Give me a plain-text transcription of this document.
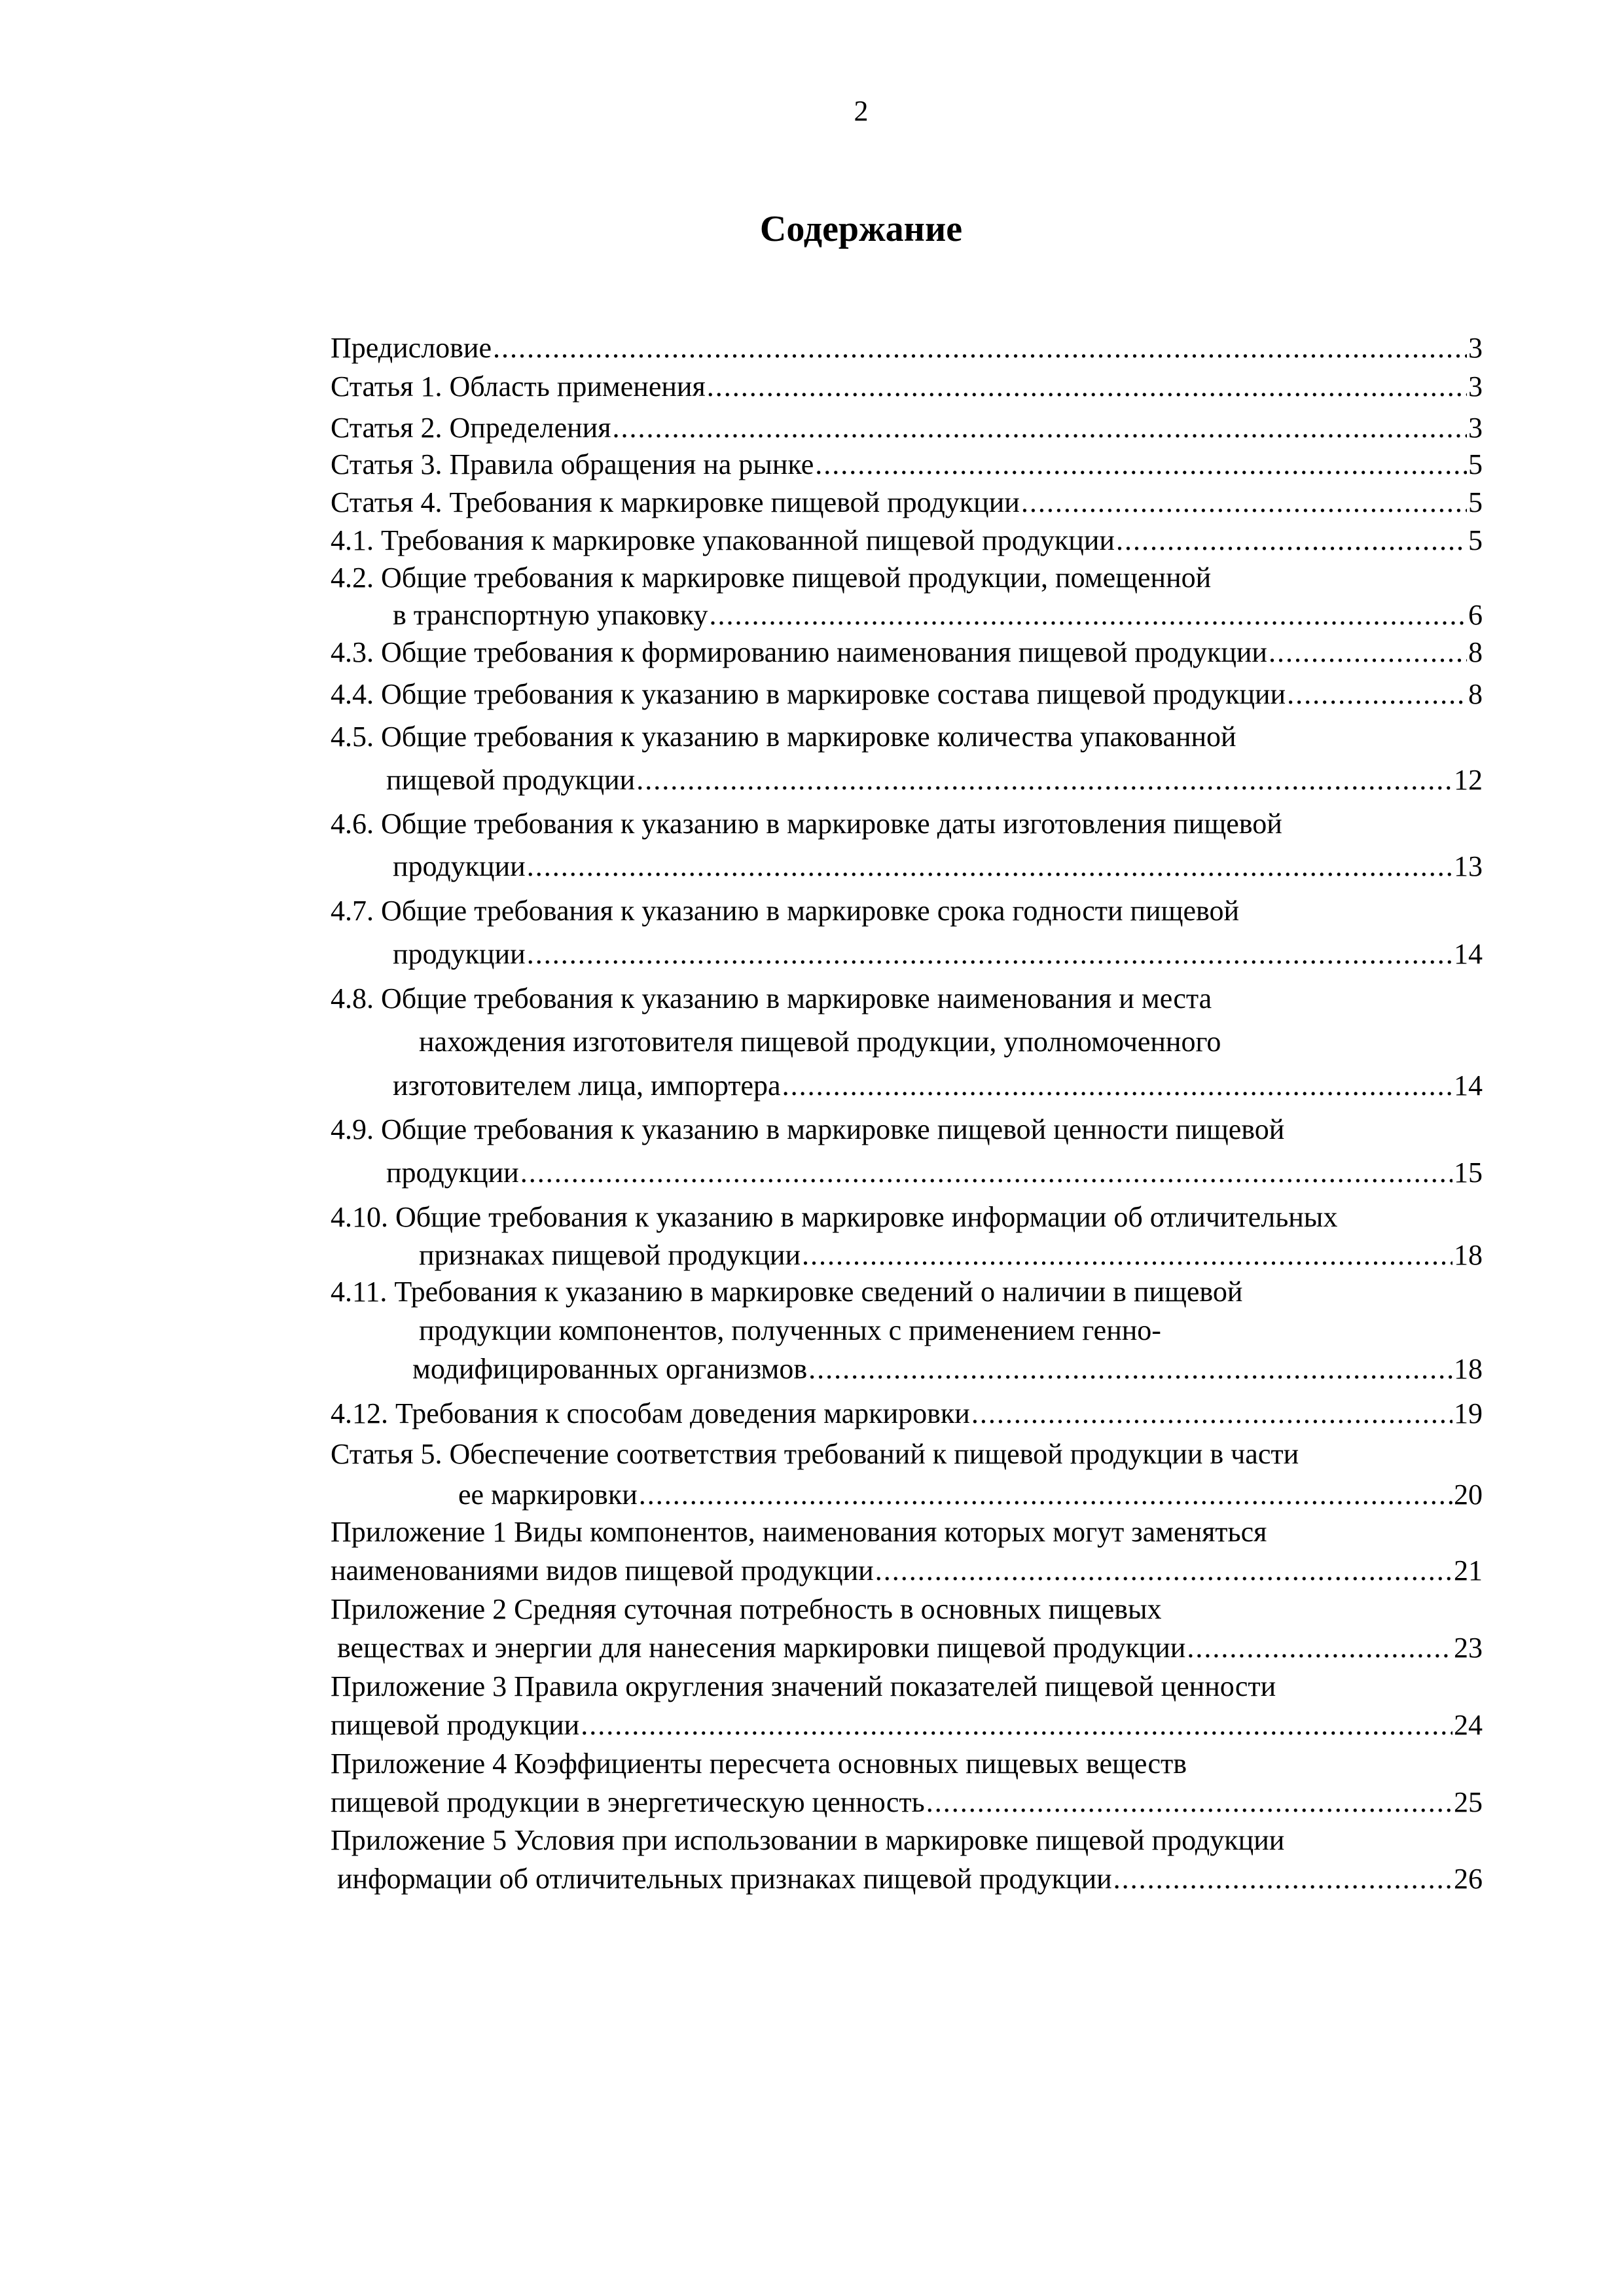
2
Содержание
Предисловие .....	3
Статья 1. Область применения .....	3
Статья 2. Определения .....	3
Статья 3. Правила обращения на рынке .....	5
Статья 4. Требования к маркировке пищевой продукции .....	5
4.1. Требования к маркировке упакованной пищевой продукции .....	5
4.2. Общие требования к маркировке пищевой продукции, помещенной
в транспортную упаковку .....	6
4.3. Общие требования к формированию наименования пищевой продукции .....	8
4.4. Общие требования к указанию в маркировке состава пищевой продукции .....	8
4.5. Общие требования к указанию в маркировке количества упакованной
пищевой продукции .....	12
4.6. Общие требования к указанию в маркировке даты изготовления пищевой
продукции .....	13
4.7. Общие требования к указанию в маркировке срока годности пищевой
продукции .....	14
4.8. Общие требования к указанию в маркировке наименования и места
нахождения изготовителя пищевой продукции, уполномоченного
изготовителем лица, импортера .....	14
4.9. Общие требования к указанию в маркировке пищевой ценности пищевой
продукции .....	15
4.10. Общие требования к указанию в маркировке информации об отличительных
признаках пищевой продукции .....	18
4.11. Требования к указанию в маркировке сведений о наличии в пищевой
продукции компонентов, полученных с применением генно-
модифицированных организмов .....	18
4.12. Требования к способам доведения маркировки .....	19
Статья 5. Обеспечение соответствия требований к пищевой продукции в части
ее маркировки .....	20
Приложение 1 Виды компонентов, наименования которых могут заменяться
наименованиями видов пищевой продукции .....	21
Приложение 2 Средняя суточная потребность в основных пищевых
веществах и энергии для нанесения маркировки пищевой продукции .....	23
Приложение 3 Правила округления значений показателей пищевой ценности
пищевой продукции .....	24
Приложение 4 Коэффициенты пересчета основных пищевых веществ
пищевой продукции в энергетическую ценность .....	25
Приложение 5 Условия при использовании в маркировке пищевой продукции
информации об отличительных признаках пищевой продукции .....	26
